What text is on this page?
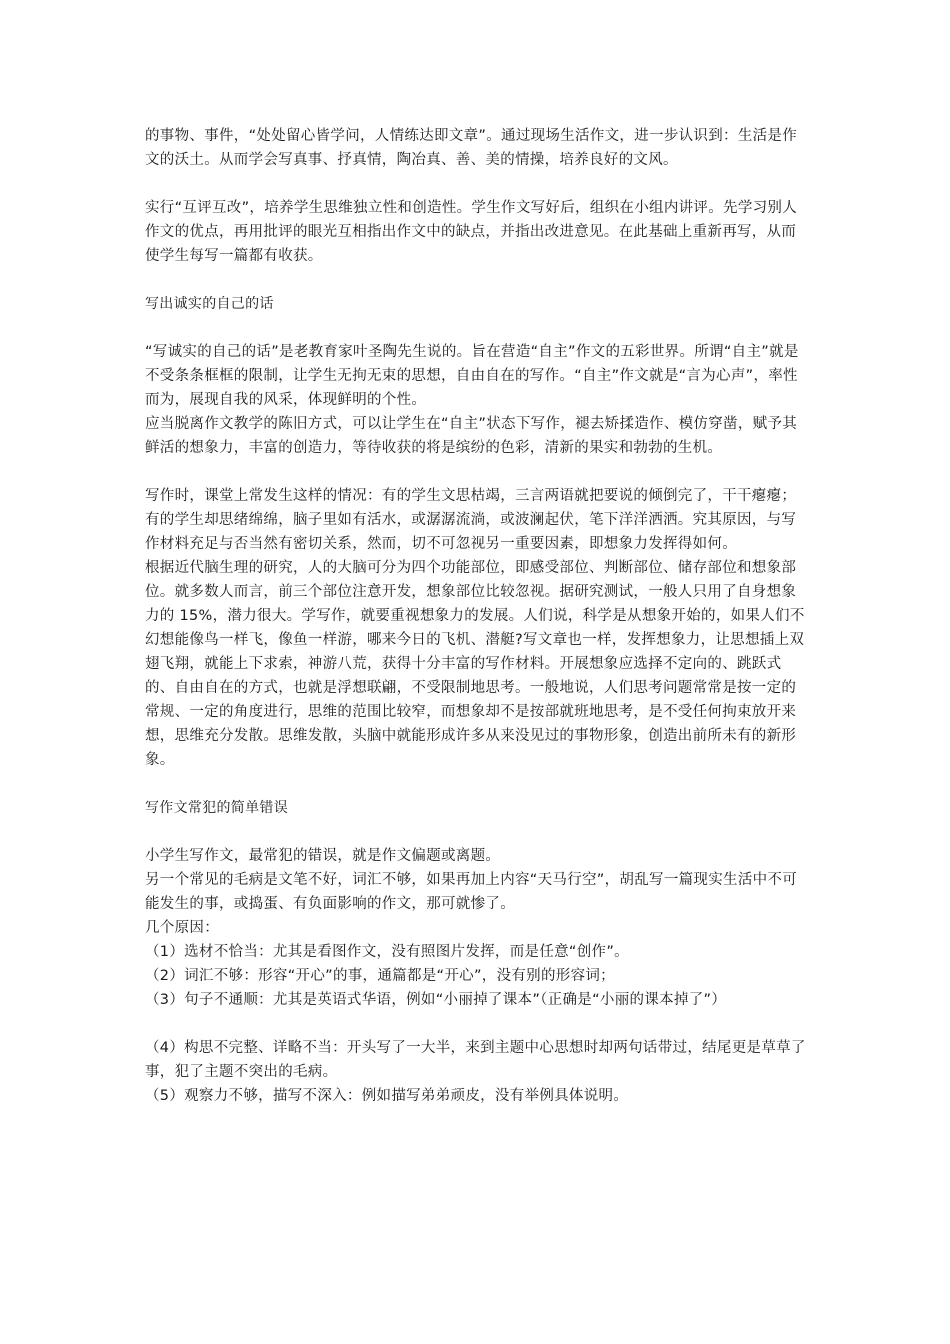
的事物、事件，“处处留心皆学问，人情练达即文章”。通过现场生活作文，进一步认识到：生活是作文的沃土。从而学会写真事、抒真情，陶冶真、善、美的情操，培养良好的文风。

实行“互评互改”，培养学生思维独立性和创造性。学生作文写好后，组织在小组内讲评。先学习别人作文的优点，再用批评的眼光互相指出作文中的缺点，并指出改进意见。在此基础上重新再写，从而使学生每写一篇都有收获。

写出诚实的自己的话

“写诚实的自己的话”是老教育家叶圣陶先生说的。旨在营造“自主”作文的五彩世界。所谓“自主”就是不受条条框框的限制，让学生无拘无束的思想，自由自在的写作。“自主”作文就是“言为心声”，率性而为，展现自我的风采，体现鲜明的个性。

应当脱离作文教学的陈旧方式，可以让学生在“自主”状态下写作，褪去矫揉造作、模仿穿凿，赋予其鲜活的想象力，丰富的创造力，等待收获的将是缤纷的色彩，清新的果实和勃勃的生机。

写作时，课堂上常发生这样的情况：有的学生文思枯竭，三言两语就把要说的倾倒完了，干干瘪瘪；有的学生却思绪绵绵，脑子里如有活水，或潺潺流淌，或波澜起伏，笔下洋洋洒洒。究其原因，与写作材料充足与否当然有密切关系，然而，切不可忽视另一重要因素，即想象力发挥得如何。

根据近代脑生理的研究，人的大脑可分为四个功能部位，即感受部位、判断部位、储存部位和想象部位。就多数人而言，前三个部位注意开发，想象部位比较忽视。据研究测试，一般人只用了自身想象力的 15%，潜力很大。学写作，就要重视想象力的发展。人们说，科学是从想象开始的，如果人们不幻想能像鸟一样飞，像鱼一样游，哪来今日的飞机、潜艇?写文章也一样，发挥想象力，让思想插上双翅飞翔，就能上下求索，神游八荒，获得十分丰富的写作材料。开展想象应选择不定向的、跳跃式的、自由自在的方式，也就是浮想联翩，不受限制地思考。一般地说，人们思考问题常常是按一定的常规、一定的角度进行，思维的范围比较窄，而想象却不是按部就班地思考，是不受任何拘束放开来想，思维充分发散。思维发散，头脑中就能形成许多从来没见过的事物形象，创造出前所未有的新形象。

写作文常犯的简单错误

小学生写作文，最常犯的错误，就是作文偏题或离题。

另一个常见的毛病是文笔不好，词汇不够，如果再加上内容“天马行空”，胡乱写一篇现实生活中不可能发生的事，或捣蛋、有负面影响的作文，那可就惨了。

几个原因：

（1）选材不恰当：尤其是看图作文，没有照图片发挥，而是任意“创作”。

（2）词汇不够：形容“开心”的事，通篇都是“开心”，没有别的形容词；

（3）句子不通顺：尤其是英语式华语，例如“小丽掉了课本”（正确是“小丽的课本掉了”）

（4）构思不完整、详略不当：开头写了一大半，来到主题中心思想时却两句话带过，结尾更是草草了事，犯了主题不突出的毛病。

（5）观察力不够，描写不深入：例如描写弟弟顽皮，没有举例具体说明。
